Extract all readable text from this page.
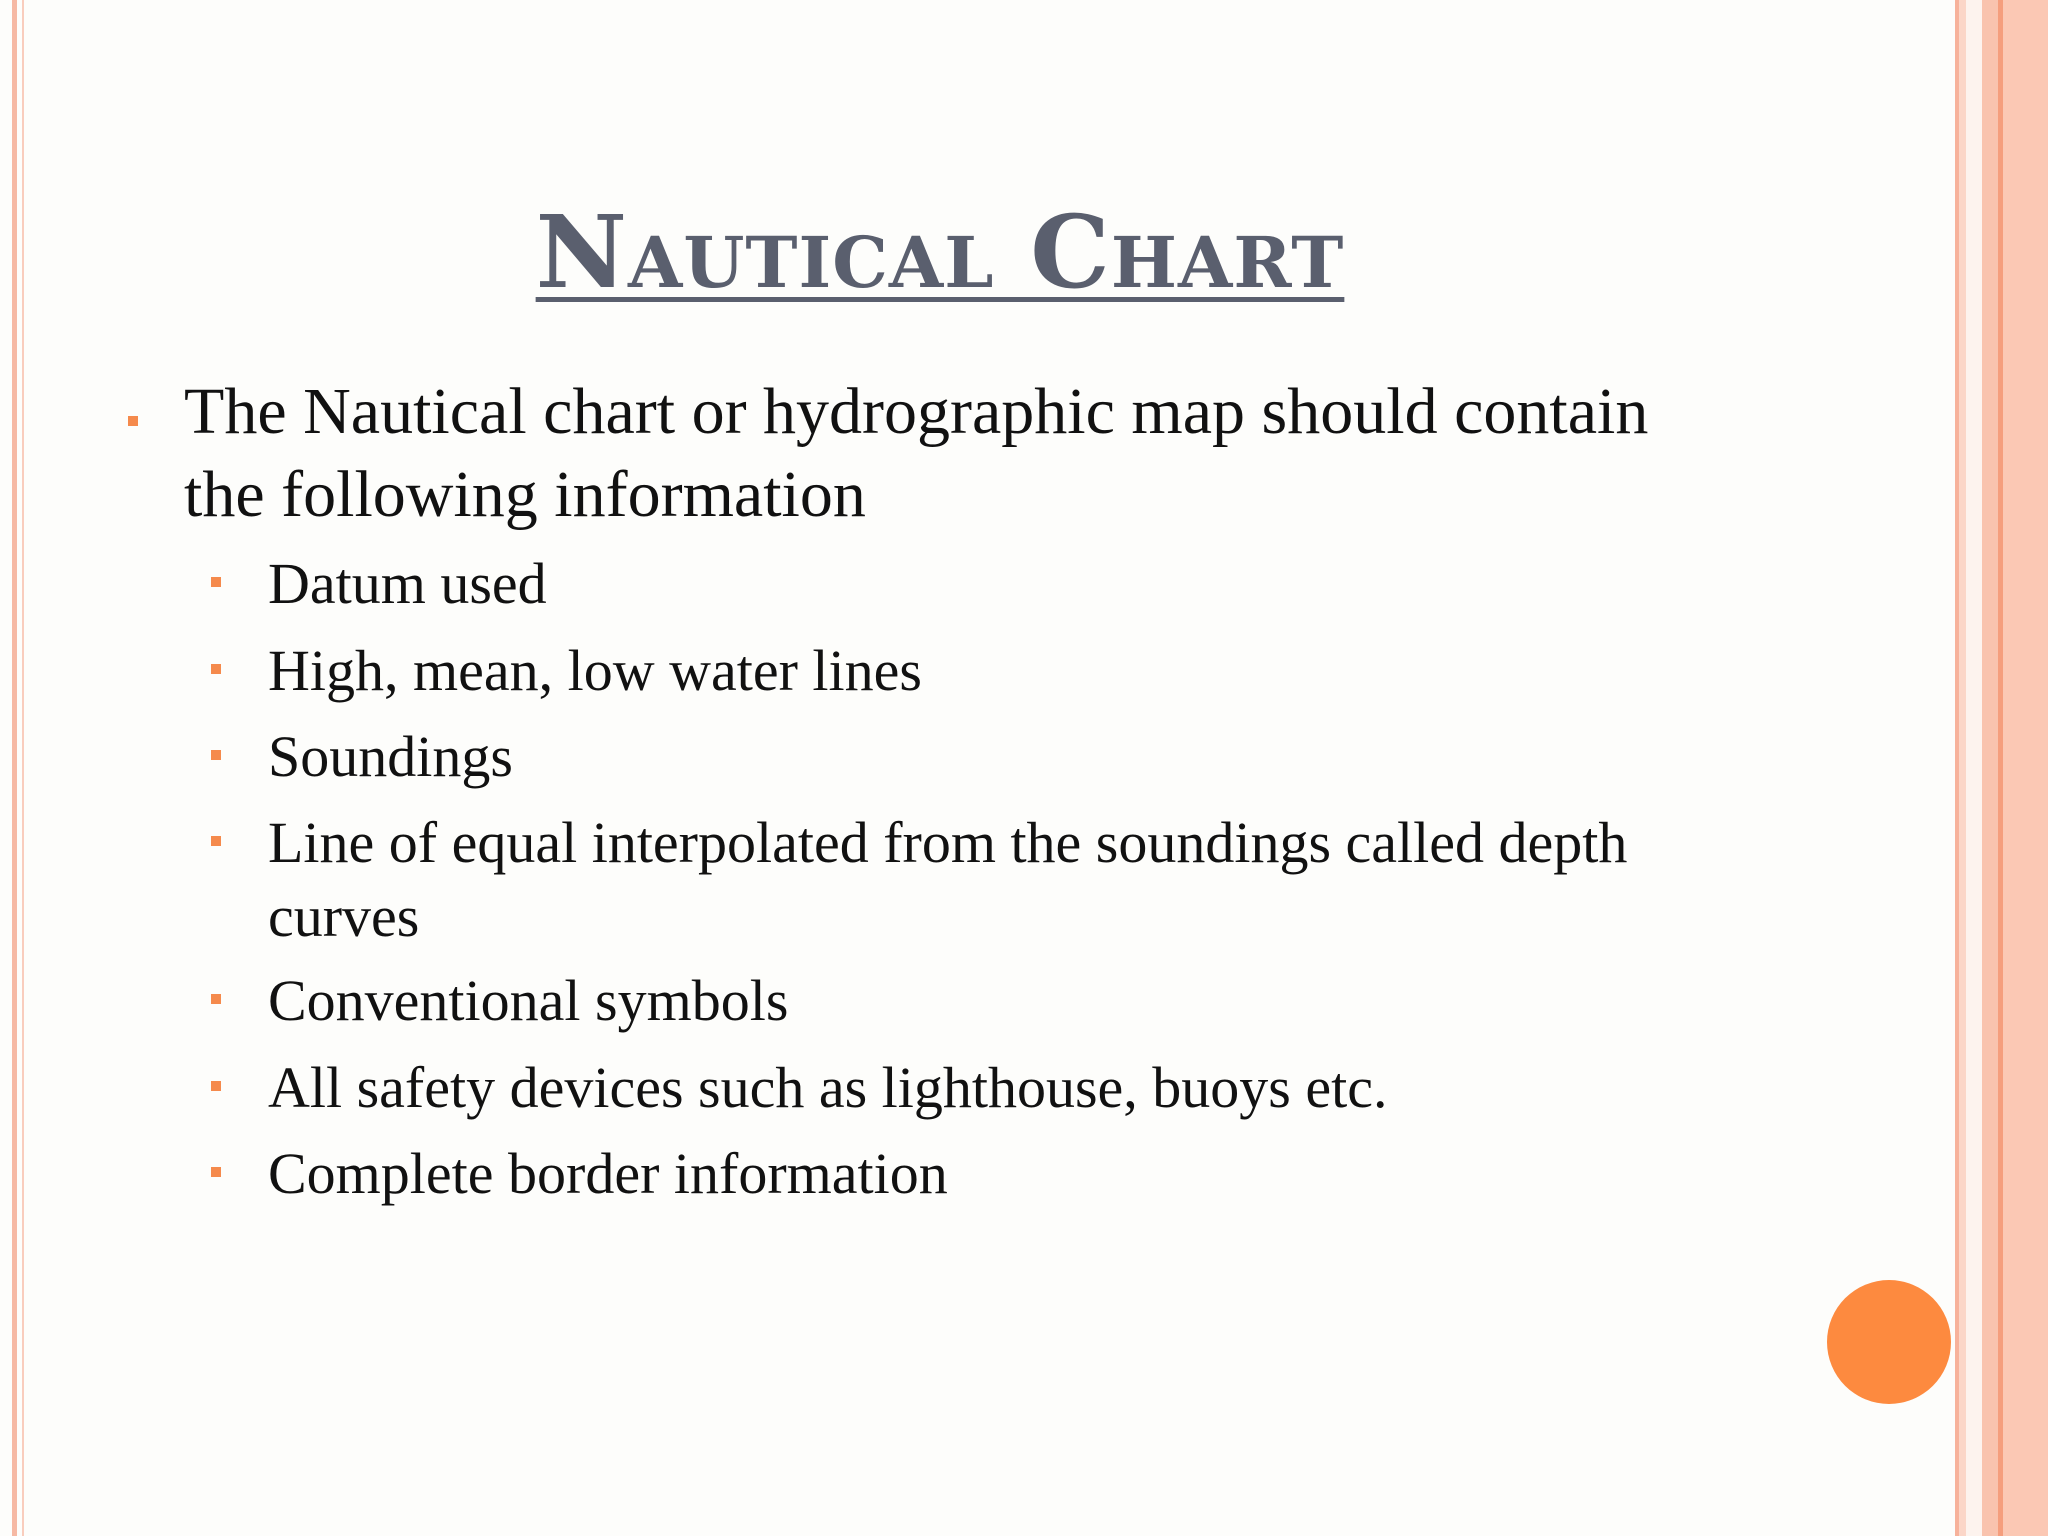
Nautical Chart

The Nautical chart or hydrographic map should contain the following information

Datum used
High, mean, low water lines
Soundings
Line of equal interpolated from the soundings called depth curves
Conventional symbols
All safety devices such as lighthouse, buoys etc.
Complete border information
